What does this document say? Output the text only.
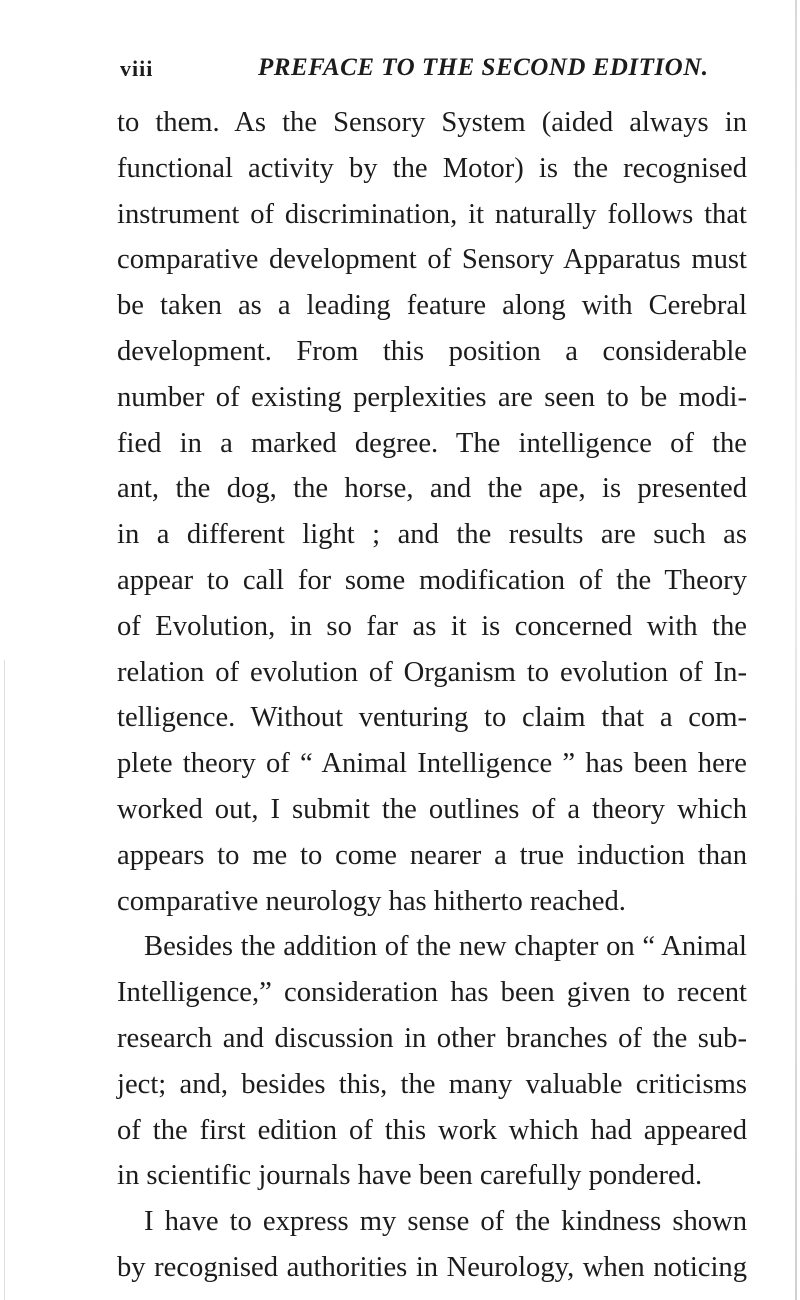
viii	PREFACE TO THE SECOND EDITION.
to them. As the Sensory System (aided always in
functional activity by the Motor) is the recognised
instrument of discrimination, it naturally follows that
comparative development of Sensory Apparatus must
be taken as a leading feature along with Cerebral
development. From this position a considerable
number of existing perplexities are seen to be modi-
fied in a marked degree. The intelligence of the
ant, the dog, the horse, and the ape, is presented
in a different light ; and the results are such as
appear to call for some modification of the Theory
of Evolution, in so far as it is concerned with the
relation of evolution of Organism to evolution of In-
telligence. Without venturing to claim that a com-
plete theory of “ Animal Intelligence ” has been here
worked out, I submit the outlines of a theory which
appears to me to come nearer a true induction than
comparative neurology has hitherto reached.
Besides the addition of the new chapter on “ Animal
Intelligence,” consideration has been given to recent
research and discussion in other branches of the sub-
ject; and, besides this, the many valuable criticisms
of the first edition of this work which had appeared
in scientific journals have been carefully pondered.
I have to express my sense of the kindness shown
by recognised authorities in Neurology, when noticing
